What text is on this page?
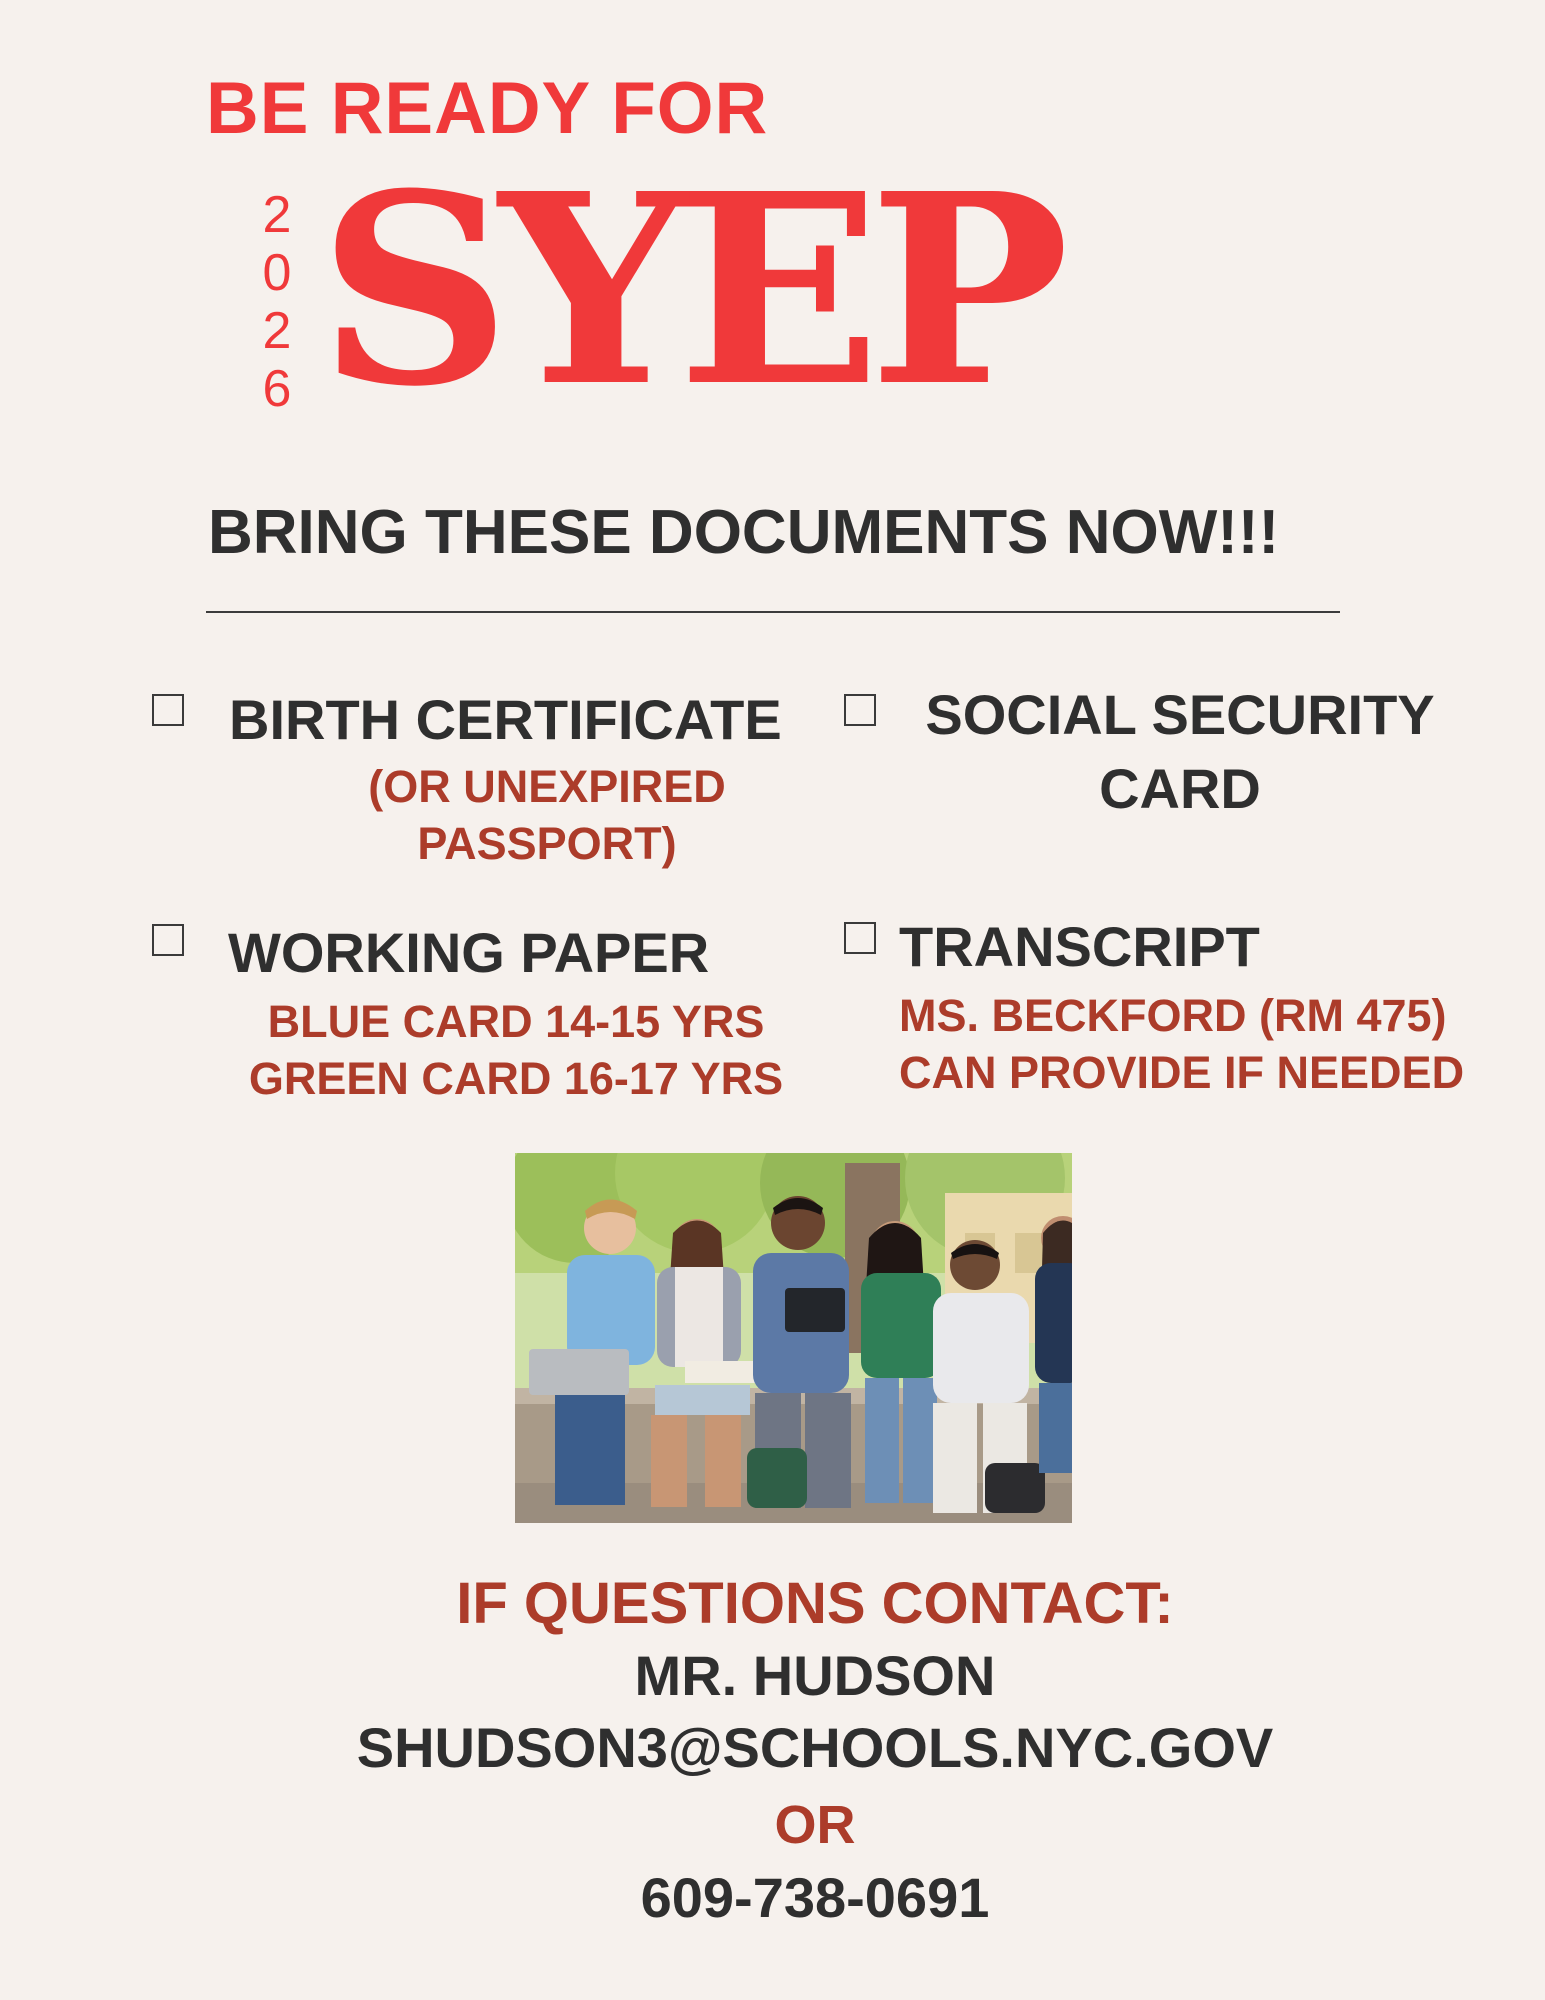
BE READY FOR
2
0
2
6 SYEP
BRING THESE DOCUMENTS NOW!!!
BIRTH CERTIFICATE
(OR UNEXPIRED
PASSPORT)
SOCIAL SECURITY
CARD
WORKING PAPER
BLUE CARD 14-15 YRS
GREEN CARD 16-17 YRS
TRANSCRIPT
MS. BECKFORD (RM 475)
CAN PROVIDE IF NEEDED
IF QUESTIONS CONTACT:
MR. HUDSON
SHUDSON3@SCHOOLS.NYC.GOV
OR
609-738-0691
